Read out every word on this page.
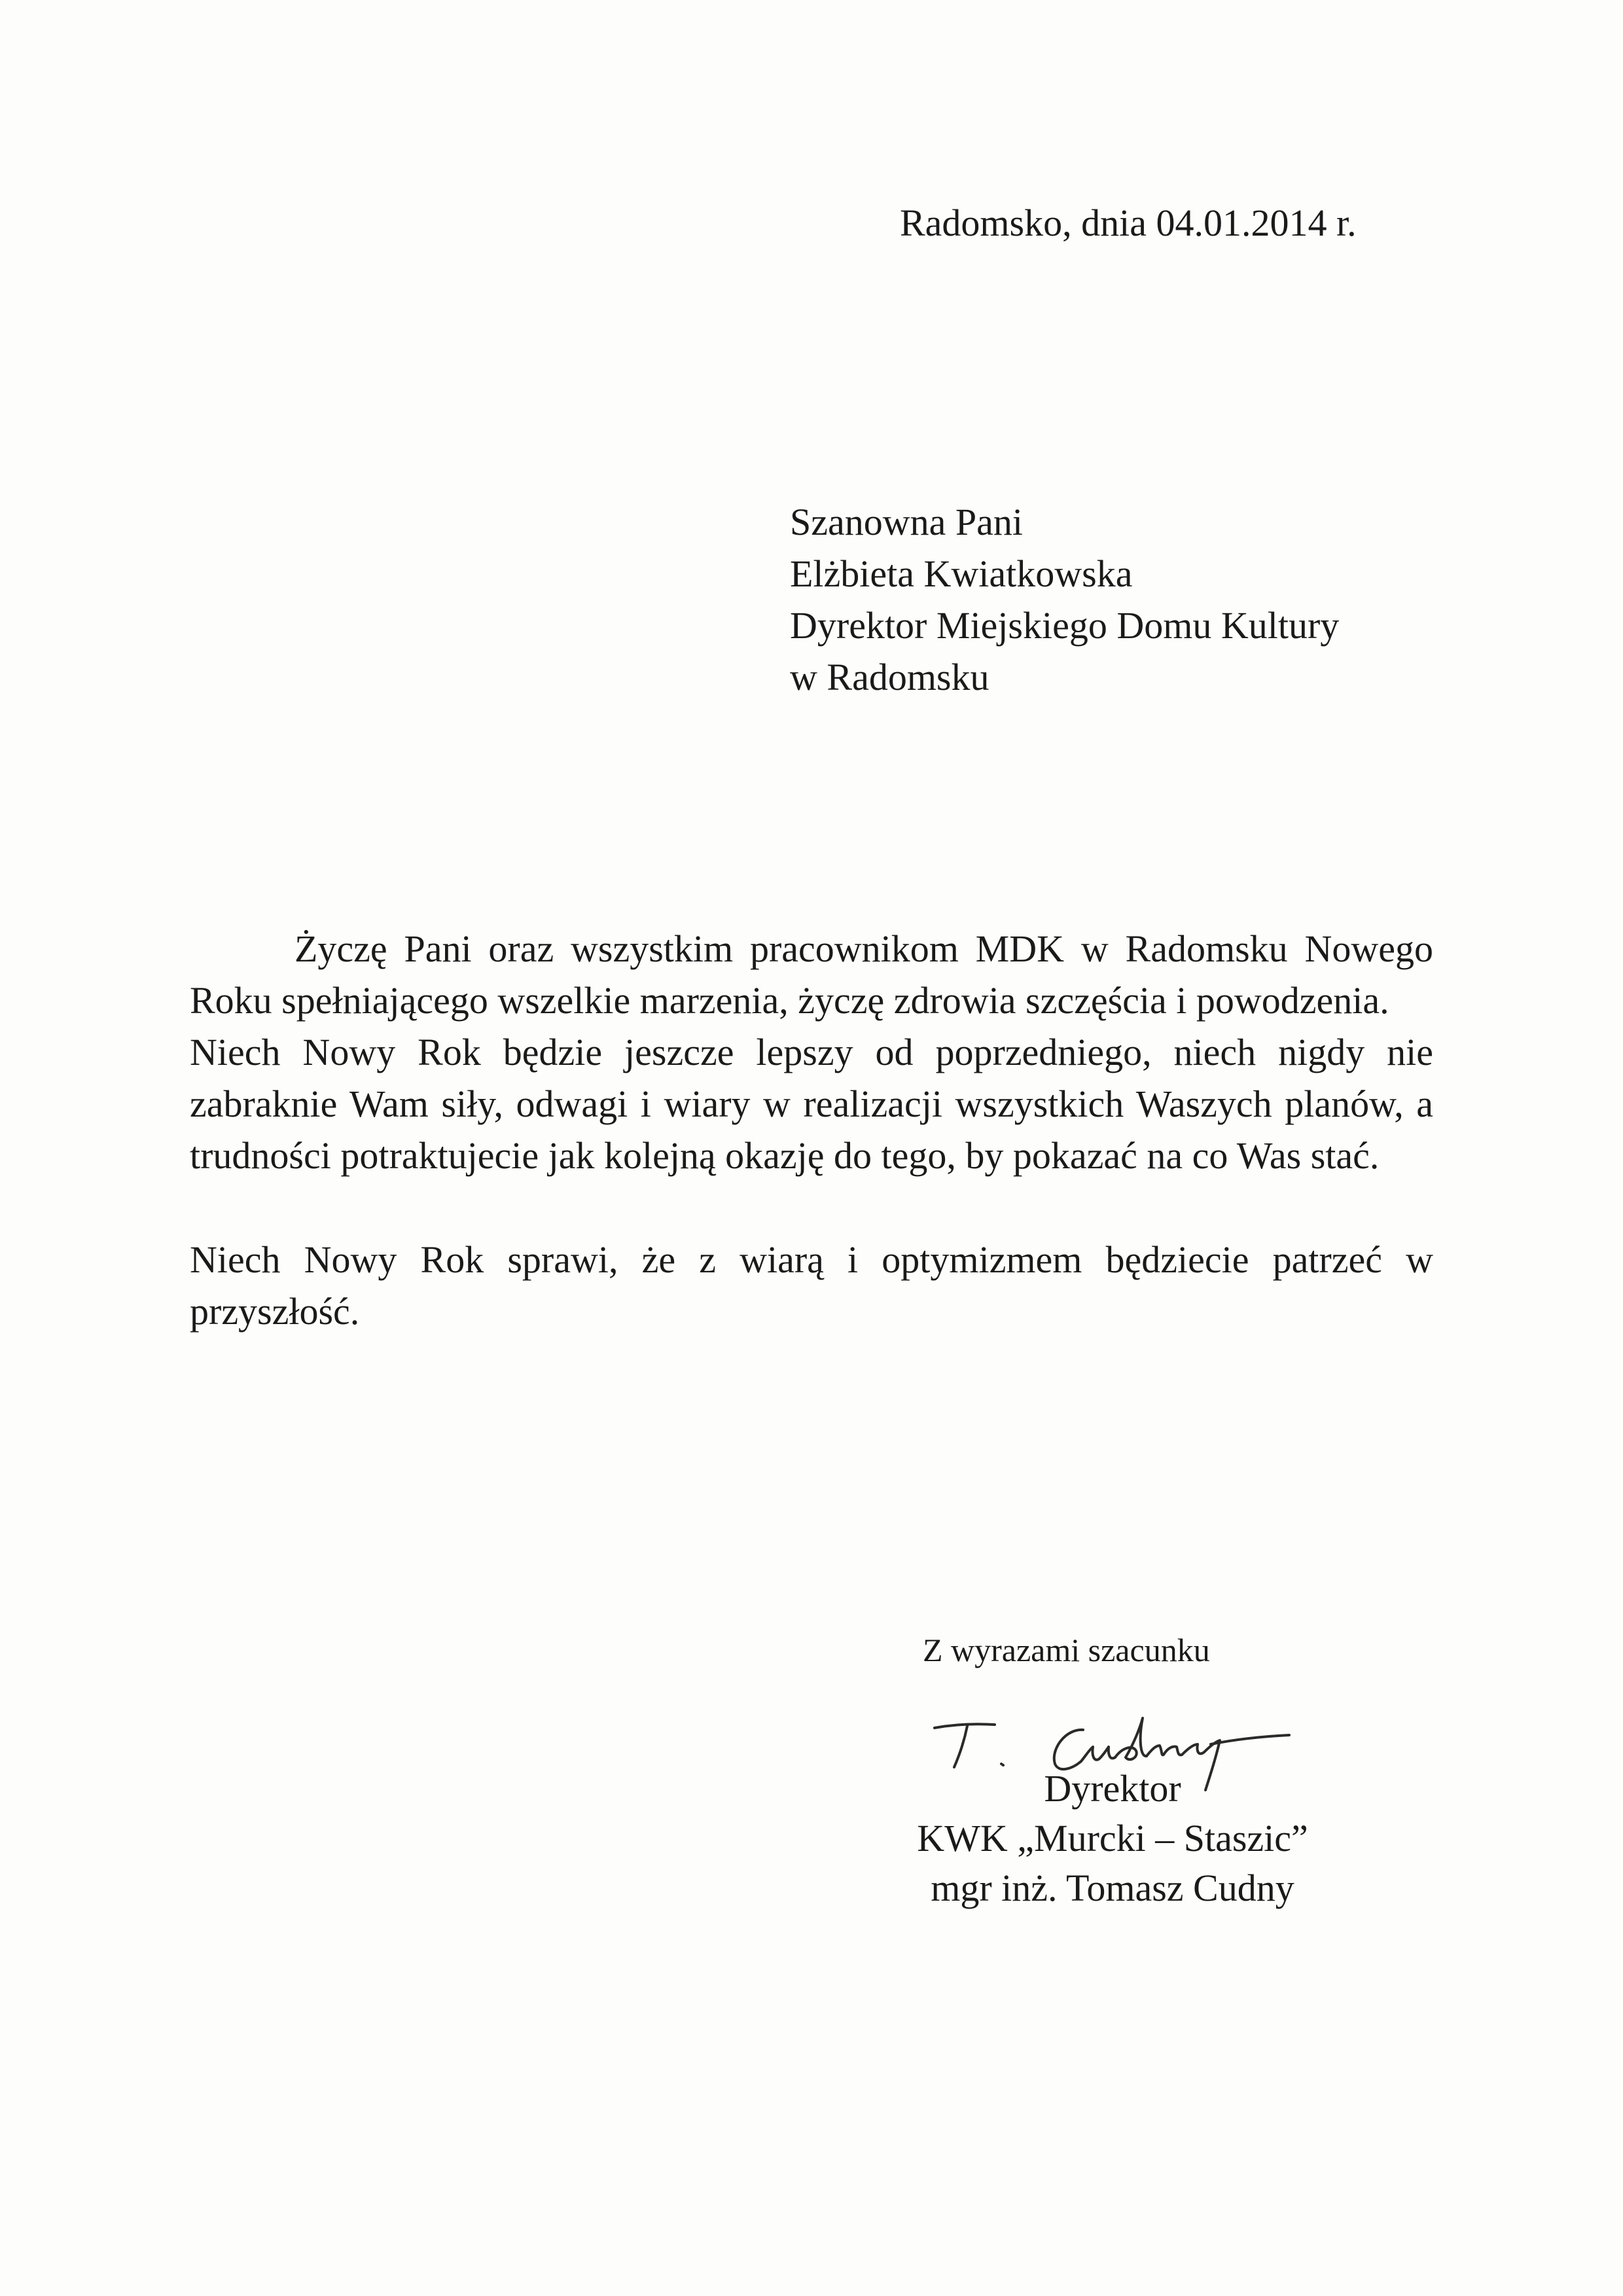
Radomsko, dnia 04.01.2014 r.
Szanowna Pani
Elżbieta Kwiatkowska
Dyrektor Miejskiego Domu Kultury
w Radomsku

Życzę Pani oraz wszystkim pracownikom MDK w Radomsku Nowego Roku spełniającego wszelkie marzenia, życzę zdrowia szczęścia i powodzenia.

Niech Nowy Rok będzie jeszcze lepszy od poprzedniego, niech nigdy nie zabraknie Wam siły, odwagi i wiary w realizacji wszystkich Waszych planów, a trudności potraktujecie jak kolejną okazję do tego, by pokazać na co Was stać.

Niech Nowy Rok sprawi, że z wiarą i optymizmem będziecie patrzeć w przyszłość.

Z wyrazami szacunku
Dyrektor
KWK „Murcki – Staszic”
mgr inż. Tomasz Cudny
